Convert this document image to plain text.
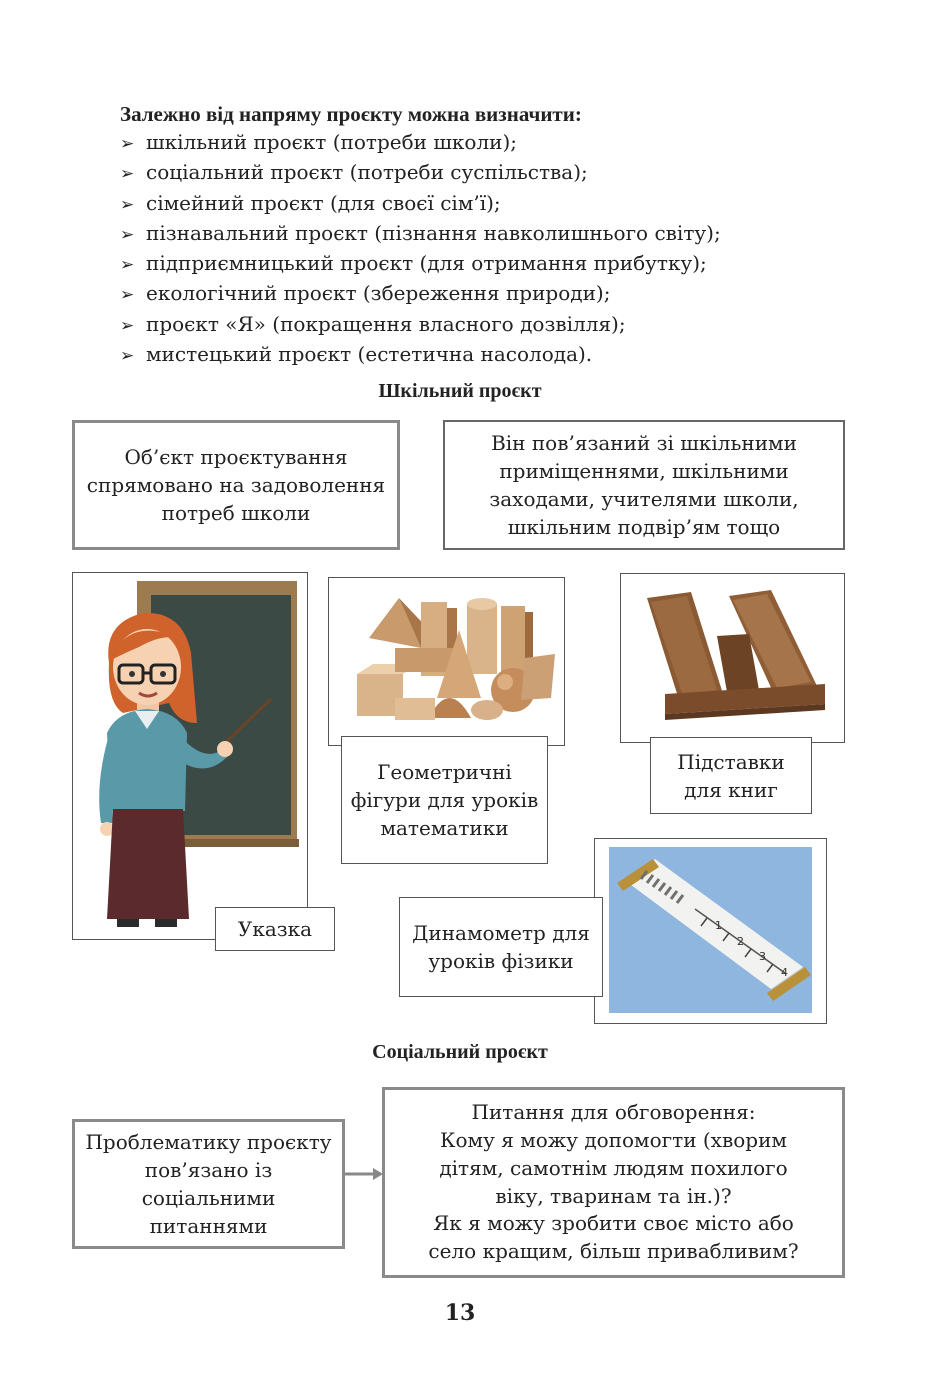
Залежно від напряму проєкту можна визначити:
➢ шкільний проєкт (потреби школи);
➢ соціальний проєкт (потреби суспільства);
➢ сімейний проєкт (для своєї сім’ї);
➢ пізнавальний проєкт (пізнання навколишнього світу);
➢ підприємницький проєкт (для отримання прибутку);
➢ екологічний проєкт (збереження природи);
➢ проєкт «Я» (покращення власного дозвілля);
➢ мистецький проєкт (естетична насолода).
Шкільний проєкт
Об’єкт проєктування спрямовано на задоволення потреб школи
Він пов’язаний зі шкільними приміщеннями, шкільними заходами, учителями школи, шкільним подвір’ям тощо
Указка
Геометричні фігури для уроків математики
Підставки для книг
1
2
3
4
Динамометр для уроків фізики
Соціальний проєкт
Проблематику проєкту пов’язано із соціальними питаннями
Питання для обговорення:
Кому я можу допомогти (хворим
дітям, самотнім людям похилого
віку, тваринам та ін.)?
Як я можу зробити своє місто або
село кращим, більш привабливим?
13
